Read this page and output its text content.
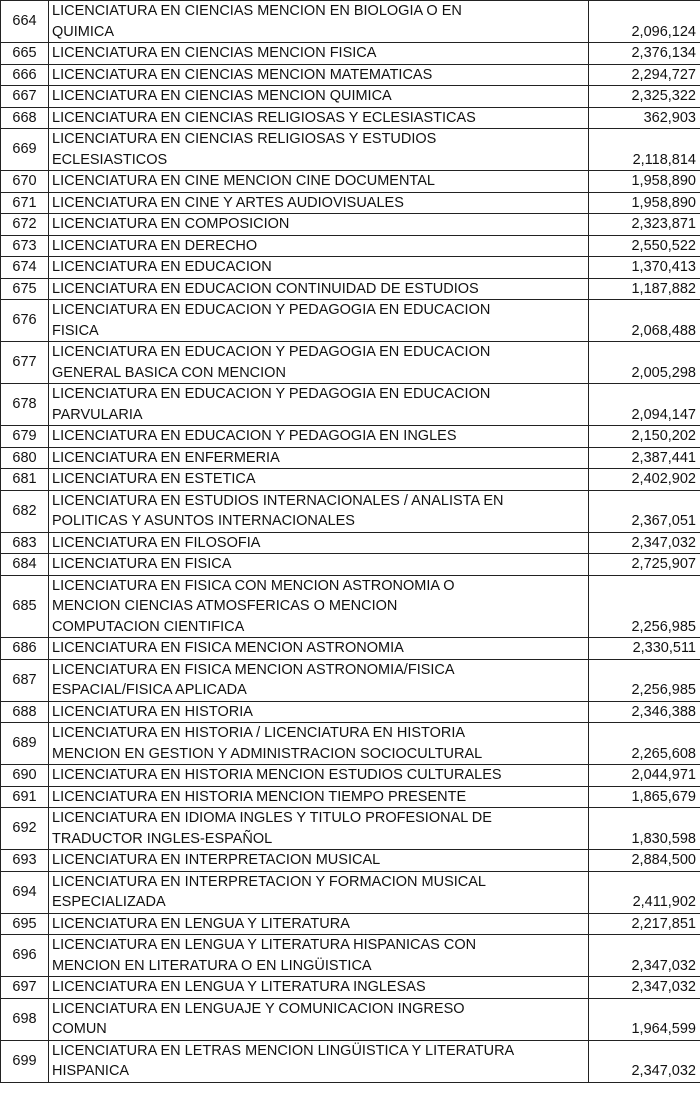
664	LICENCIATURA EN CIENCIAS MENCION EN BIOLOGIA O EN
QUIMICA	2,096,124
665	LICENCIATURA EN CIENCIAS MENCION FISICA	2,376,134
666	LICENCIATURA EN CIENCIAS MENCION MATEMATICAS	2,294,727
667	LICENCIATURA EN CIENCIAS MENCION QUIMICA	2,325,322
668	LICENCIATURA EN CIENCIAS RELIGIOSAS Y ECLESIASTICAS	362,903
669	LICENCIATURA EN CIENCIAS RELIGIOSAS Y ESTUDIOS
ECLESIASTICOS	2,118,814
670	LICENCIATURA EN CINE MENCION CINE DOCUMENTAL	1,958,890
671	LICENCIATURA EN CINE Y ARTES AUDIOVISUALES	1,958,890
672	LICENCIATURA EN COMPOSICION	2,323,871
673	LICENCIATURA EN DERECHO	2,550,522
674	LICENCIATURA EN EDUCACION	1,370,413
675	LICENCIATURA EN EDUCACION CONTINUIDAD DE ESTUDIOS	1,187,882
676	LICENCIATURA EN EDUCACION Y PEDAGOGIA EN EDUCACION
FISICA	2,068,488
677	LICENCIATURA EN EDUCACION Y PEDAGOGIA EN EDUCACION
GENERAL BASICA CON MENCION	2,005,298
678	LICENCIATURA EN EDUCACION Y PEDAGOGIA EN EDUCACION
PARVULARIA	2,094,147
679	LICENCIATURA EN EDUCACION Y PEDAGOGIA EN INGLES	2,150,202
680	LICENCIATURA EN ENFERMERIA	2,387,441
681	LICENCIATURA EN ESTETICA	2,402,902
682	LICENCIATURA EN ESTUDIOS INTERNACIONALES / ANALISTA EN
POLITICAS Y ASUNTOS INTERNACIONALES	2,367,051
683	LICENCIATURA EN FILOSOFIA	2,347,032
684	LICENCIATURA EN FISICA	2,725,907
685	LICENCIATURA EN FISICA CON MENCION ASTRONOMIA O
MENCION CIENCIAS ATMOSFERICAS O MENCION
COMPUTACION CIENTIFICA	2,256,985
686	LICENCIATURA EN FISICA MENCION ASTRONOMIA	2,330,511
687	LICENCIATURA EN FISICA MENCION ASTRONOMIA/FISICA
ESPACIAL/FISICA APLICADA	2,256,985
688	LICENCIATURA EN HISTORIA	2,346,388
689	LICENCIATURA EN HISTORIA / LICENCIATURA EN HISTORIA
MENCION EN GESTION Y ADMINISTRACION SOCIOCULTURAL	2,265,608
690	LICENCIATURA EN HISTORIA MENCION ESTUDIOS CULTURALES	2,044,971
691	LICENCIATURA EN HISTORIA MENCION TIEMPO PRESENTE	1,865,679
692	LICENCIATURA EN IDIOMA INGLES Y TITULO PROFESIONAL DE
TRADUCTOR INGLES-ESPAÑOL	1,830,598
693	LICENCIATURA EN INTERPRETACION MUSICAL	2,884,500
694	LICENCIATURA EN INTERPRETACION Y FORMACION MUSICAL
ESPECIALIZADA	2,411,902
695	LICENCIATURA EN LENGUA Y LITERATURA	2,217,851
696	LICENCIATURA EN LENGUA Y LITERATURA HISPANICAS CON
MENCION EN LITERATURA O EN LINGÜISTICA	2,347,032
697	LICENCIATURA EN LENGUA Y LITERATURA INGLESAS	2,347,032
698	LICENCIATURA EN LENGUAJE Y COMUNICACION INGRESO
COMUN	1,964,599
699	LICENCIATURA EN LETRAS MENCION LINGÜISTICA Y LITERATURA
HISPANICA	2,347,032
